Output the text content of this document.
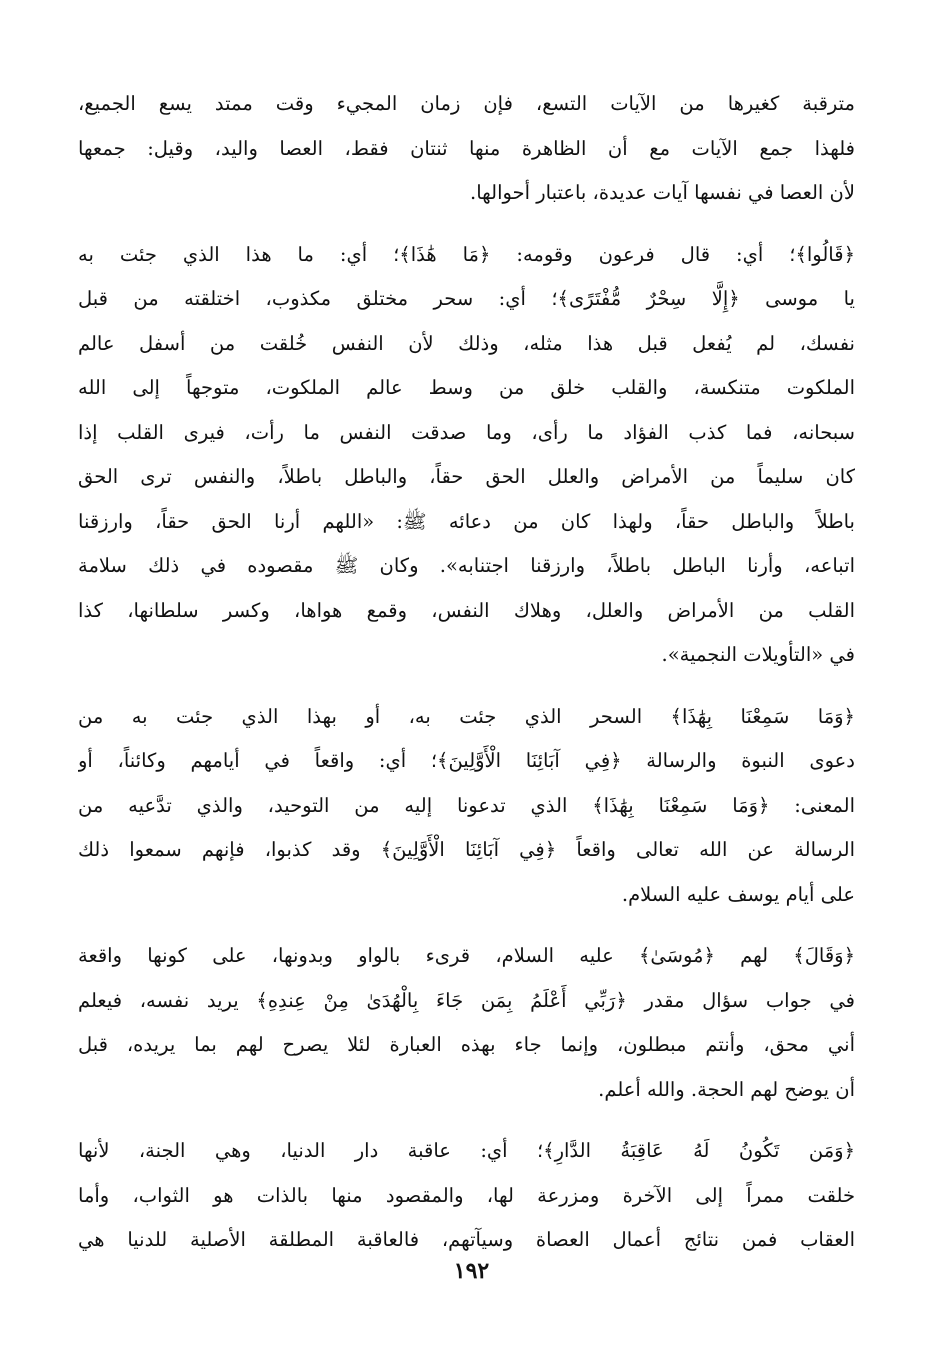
مترقبة كغيرها من الآيات التسع، فإن زمان المجيء وقت ممتد يسع الجميع،
فلهذا جمع الآيات مع أن الظاهرة منها ثنتان فقط، العصا واليد، وقيل: جمعها
لأن العصا في نفسها آيات عديدة، باعتبار أحوالها.

﴿قَالُوا﴾؛ أي: قال فرعون وقومه: ﴿مَا هَٰذَا﴾؛ أي: ما هذا الذي جئت به
يا موسى ﴿إِلَّا سِحْرٌ مُّفْتَرًى﴾؛ أي: سحر مختلق مكذوب، اختلقته من قبل
نفسك، لم يُفعل قبل هذا مثله، وذلك لأن النفس خُلقت من أسفل عالم
الملكوت متنكسة، والقلب خلق من وسط عالم الملكوت، متوجهاً إلى الله
سبحانه، فما كذب الفؤاد ما رأى، وما صدقت النفس ما رأت، فيرى القلب إذا
كان سليماً من الأمراض والعلل الحق حقاً، والباطل باطلاً، والنفس ترى الحق
باطلاً والباطل حقاً، ولهذا كان من دعائه ﷺ: «اللهم أرنا الحق حقاً، وارزقنا
اتباعه، وأرنا الباطل باطلاً، وارزقنا اجتنابه». وكان ﷺ مقصوده في ذلك سلامة
القلب من الأمراض والعلل، وهلاك النفس، وقمع هواها، وكسر سلطانها، كذا
في «التأويلات النجمية».

﴿وَمَا سَمِعْنَا بِهَٰذَا﴾ السحر الذي جئت به، أو بهذا الذي جئت به من
دعوى النبوة والرسالة ﴿فِي آبَائِنَا الْأَوَّلِينَ﴾؛ أي: واقعاً في أيامهم وكائناً، أو
المعنى: ﴿وَمَا سَمِعْنَا بِهَٰذَا﴾ الذي تدعونا إليه من التوحيد، والذي تدَّعيه من
الرسالة عن الله تعالى واقعاً ﴿فِي آبَائِنَا الْأَوَّلِينَ﴾ وقد كذبوا، فإنهم سمعوا ذلك
على أيام يوسف عليه السلام.

﴿وَقَالَ﴾ لهم ﴿مُوسَىٰ﴾ عليه السلام، قرىء بالواو وبدونها، على كونها واقعة
في جواب سؤال مقدر ﴿رَبِّي أَعْلَمُ بِمَن جَاءَ بِالْهُدَىٰ مِنْ عِندِهِ﴾ يريد نفسه، فيعلم
أني محق، وأنتم مبطلون، وإنما جاء بهذه العبارة لئلا يصرح لهم بما يريده، قبل
أن يوضح لهم الحجة. والله أعلم.

﴿وَمَن تَكُونُ لَهُ عَاقِبَةُ الدَّارِ﴾؛ أي: عاقبة دار الدنيا، وهي الجنة، لأنها
خلقت ممراً إلى الآخرة ومزرعة لها، والمقصود منها بالذات هو الثواب، وأما
العقاب فمن نتائج أعمال العصاة وسيآتهم، فالعاقبة المطلقة الأصلية للدنيا هي

١٩٢
